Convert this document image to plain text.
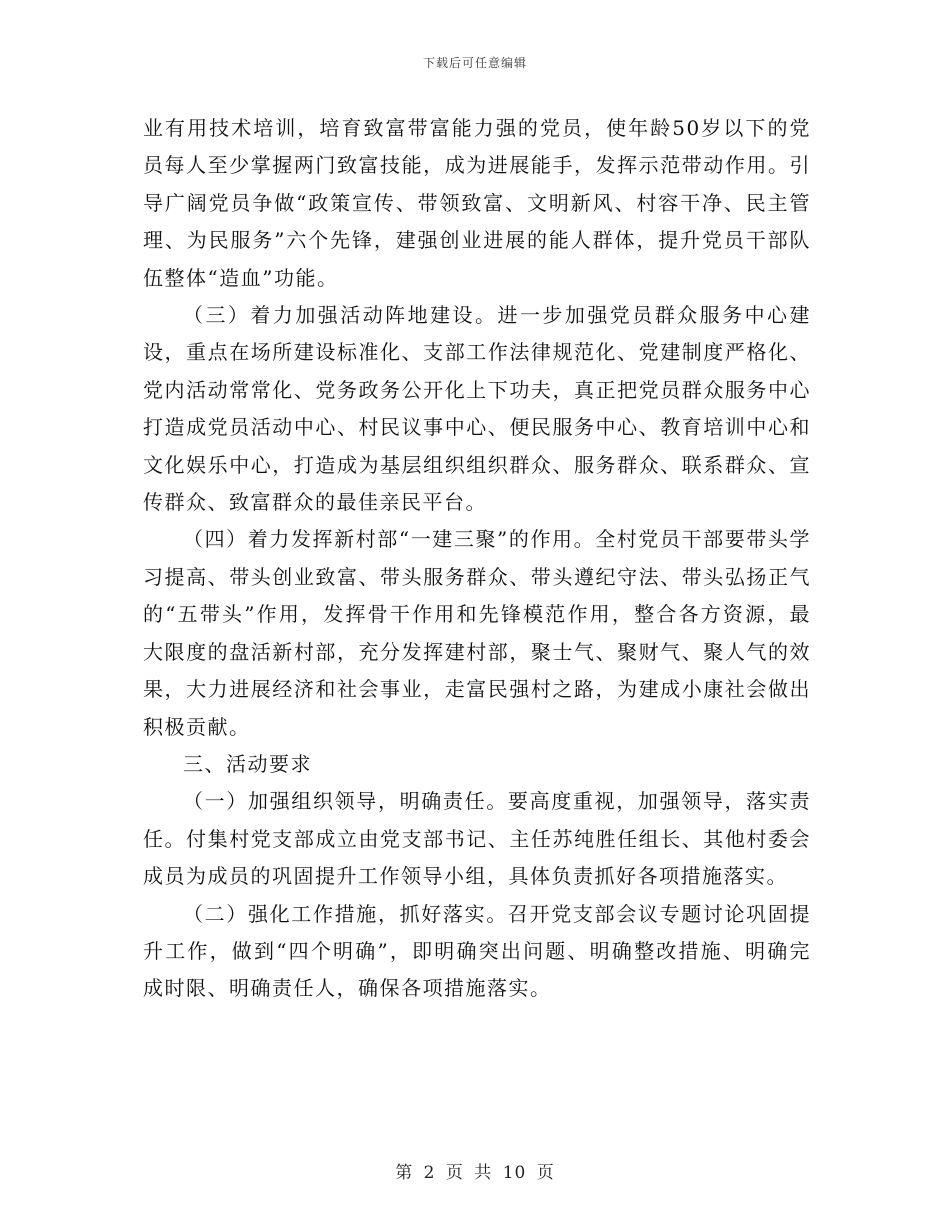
下载后可任意编辑

业有用技术培训，培育致富带富能力强的党员，使年龄50岁以下的党员每人至少掌握两门致富技能，成为进展能手，发挥示范带动作用。引导广阔党员争做“政策宣传、带领致富、文明新风、村容干净、民主管理、为民服务”六个先锋，建强创业进展的能人群体，提升党员干部队伍整体“造血”功能。

（三）着力加强活动阵地建设。进一步加强党员群众服务中心建设，重点在场所建设标准化、支部工作法律规范化、党建制度严格化、党内活动常常化、党务政务公开化上下功夫，真正把党员群众服务中心打造成党员活动中心、村民议事中心、便民服务中心、教育培训中心和文化娱乐中心，打造成为基层组织组织群众、服务群众、联系群众、宣传群众、致富群众的最佳亲民平台。

（四）着力发挥新村部“一建三聚”的作用。全村党员干部要带头学习提高、带头创业致富、带头服务群众、带头遵纪守法、带头弘扬正气的“五带头”作用，发挥骨干作用和先锋模范作用，整合各方资源，最大限度的盘活新村部，充分发挥建村部，聚士气、聚财气、聚人气的效果，大力进展经济和社会事业，走富民强村之路，为建成小康社会做出积极贡献。

三、活动要求

（一）加强组织领导，明确责任。要高度重视，加强领导，落实责任。付集村党支部成立由党支部书记、主任苏纯胜任组长、其他村委会成员为成员的巩固提升工作领导小组，具体负责抓好各项措施落实。

（二）强化工作措施，抓好落实。召开党支部会议专题讨论巩固提升工作，做到“四个明确”，即明确突出问题、明确整改措施、明确完成时限、明确责任人，确保各项措施落实。

第 2 页 共 10 页
